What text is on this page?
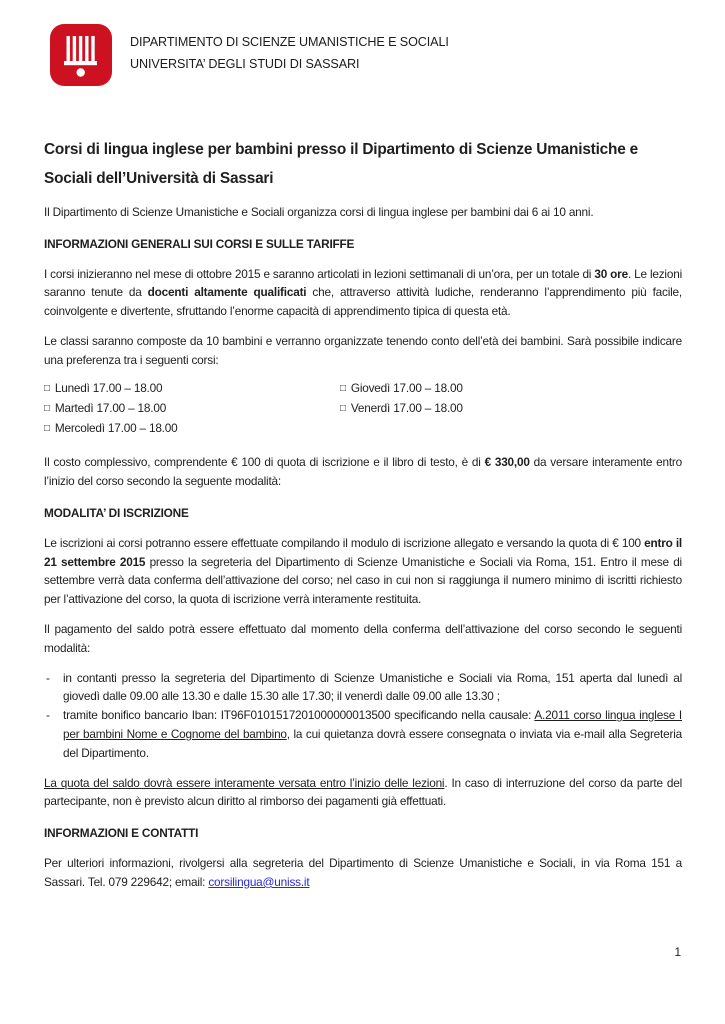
DIPARTIMENTO DI SCIENZE UMANISTICHE E SOCIALI
UNIVERSITA’ DEGLI STUDI DI SASSARI
Corsi di lingua inglese per bambini presso il Dipartimento di Scienze Umanistiche e Sociali dell’Università di Sassari

Il Dipartimento di Scienze Umanistiche e Sociali organizza corsi di lingua inglese per bambini dai 6 ai 10 anni.

INFORMAZIONI GENERALI SUI CORSI E SULLE TARIFFE

I corsi inizieranno nel mese di ottobre 2015 e saranno articolati in lezioni settimanali di un’ora, per un totale di 30 ore. Le lezioni saranno tenute da docenti altamente qualificati che, attraverso attività ludiche, renderanno l’apprendimento più facile, coinvolgente e divertente, sfruttando l’enorme capacità di apprendimento tipica di questa età.

Le classi saranno composte da 10 bambini e verranno organizzate tenendo conto dell’età dei bambini. Sarà possibile indicare una preferenza tra i seguenti corsi:

□ Lunedì 17.00 – 18.00
□ Martedì 17.00 – 18.00
□ Mercoledì 17.00 – 18.00
□ Giovedì 17.00 – 18.00
□ Venerdì 17.00 – 18.00

Il costo complessivo, comprendente € 100 di quota di iscrizione e il libro di testo, è di € 330,00 da versare interamente entro l’inizio del corso secondo la seguente modalità:

MODALITA’ DI ISCRIZIONE

Le iscrizioni ai corsi potranno essere effettuate compilando il modulo di iscrizione allegato e versando la quota di € 100 entro il 21 settembre 2015 presso la segreteria del Dipartimento di Scienze Umanistiche e Sociali via Roma, 151. Entro il mese di settembre verrà data conferma dell’attivazione del corso; nel caso in cui non si raggiunga il numero minimo di iscritti richiesto per l’attivazione del corso, la quota di iscrizione verrà interamente restituita.

Il pagamento del saldo potrà essere effettuato dal momento della conferma dell’attivazione del corso secondo le seguenti modalità:

- in contanti presso la segreteria del Dipartimento di Scienze Umanistiche e Sociali via Roma, 151 aperta dal lunedì al giovedì dalle 09.00 alle 13.30 e dalle 15.30 alle 17.30; il venerdì dalle 09.00 alle 13.30 ;
- tramite bonifico bancario Iban: IT96F0101517201000000013500 specificando nella causale: A.2011 corso lingua inglese I per bambini Nome e Cognome del bambino, la cui quietanza dovrà essere consegnata o inviata via e-mail alla Segreteria del Dipartimento.

La quota del saldo dovrà essere interamente versata entro l’inizio delle lezioni. In caso di interruzione del corso da parte del partecipante, non è previsto alcun diritto al rimborso dei pagamenti già effettuati.

INFORMAZIONI E CONTATTI

Per ulteriori informazioni, rivolgersi alla segreteria del Dipartimento di Scienze Umanistiche e Sociali, in via Roma 151 a Sassari. Tel. 079 229642; email: corsilingua@uniss.it

1
